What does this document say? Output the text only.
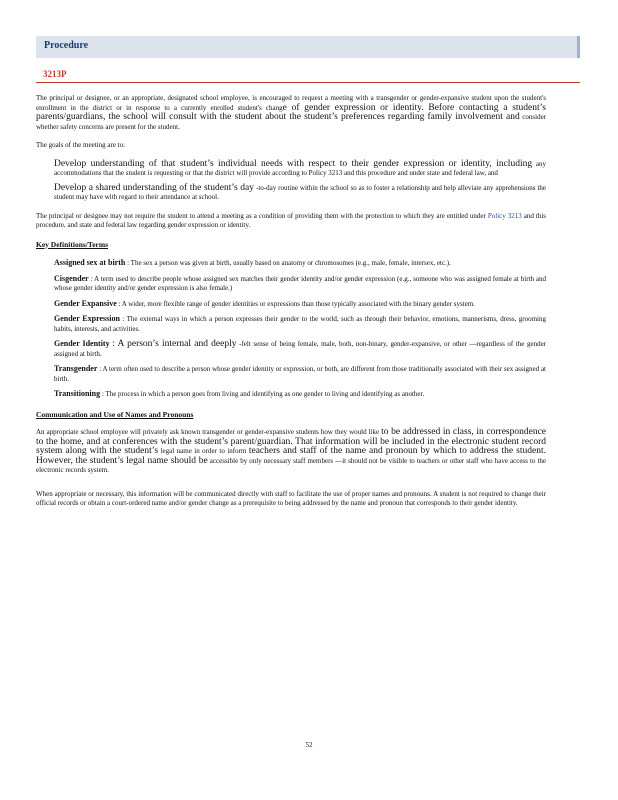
Procedure
3213P

The principal or designee, or an appropriate, designated school employee, is encouraged to request a meeting with a transgender or gender-expansive student upon the student's enrollment in the district or in response to a currently enrolled student's change of gender expression or identity. Before contacting a student’s parents/guardians, the school will consult with the student about the student’s preferences regarding family involvement and consider whether safety concerns are present for the student.

The goals of the meeting are to:

Develop understanding of that student’s individual needs with respect to their gender expression or identity, including any accommodations that the student is requesting or that the district will provide according to Policy 3213 and this procedure and under state and federal law, and
Develop a shared understanding of the student’s day -to-day routine within the school so as to foster a relationship and help alleviate any apprehensions the student may have with regard to their attendance at school.

The principal or designee may not require the student to attend a meeting as a condition of providing them with the protection to which they are entitled under Policy 3213 and this procedure, and state and federal law regarding gender expression or identity.

Key Definitions/Terms
Assigned sex at birth : The sex a person was given at birth, usually based on anatomy or chromosomes (e.g., male, female, intersex, etc.).
Cisgender : A term used to describe people whose assigned sex matches their gender identity and/or gender expression (e.g., someone who was assigned female at birth and whose gender identity and/or gender expression is also female.)
Gender Expansive : A wider, more flexible range of gender identities or expressions than those typically associated with the binary gender system.
Gender Expression : The external ways in which a person expresses their gender to the world, such as through their behavior, emotions, mannerisms, dress, grooming habits, interests, and activities.
Gender Identity : A person’s internal and deeply -felt sense of being female, male, both, non-binary, gender-expansive, or other —regardless of the gender assigned at birth.
Transgender : A term often used to describe a person whose gender identity or expression, or both, are different from those traditionally associated with their sex assigned at birth.
Transitioning : The process in which a person goes from living and identifying as one gender to living and identifying as another.
Communication and Use of Names and Pronouns

An appropriate school employee will privately ask known transgender or gender-expansive students how they would like to be addressed in class, in correspondence to the home, and at conferences with the student’s parent/guardian. That information will be included in the electronic student record system along with the student’s legal name in order to inform teachers and staff of the name and pronoun by which to address the student. However, the student’s legal name should be accessible by only necessary staff members —it should not be visible to teachers or other staff who have access to the electronic records system.

When appropriate or necessary, this information will be communicated directly with staff to facilitate the use of proper names and pronouns. A student is not required to change their official records or obtain a court-ordered name and/or gender change as a prerequisite to being addressed by the name and pronoun that corresponds to their gender identity.

52
